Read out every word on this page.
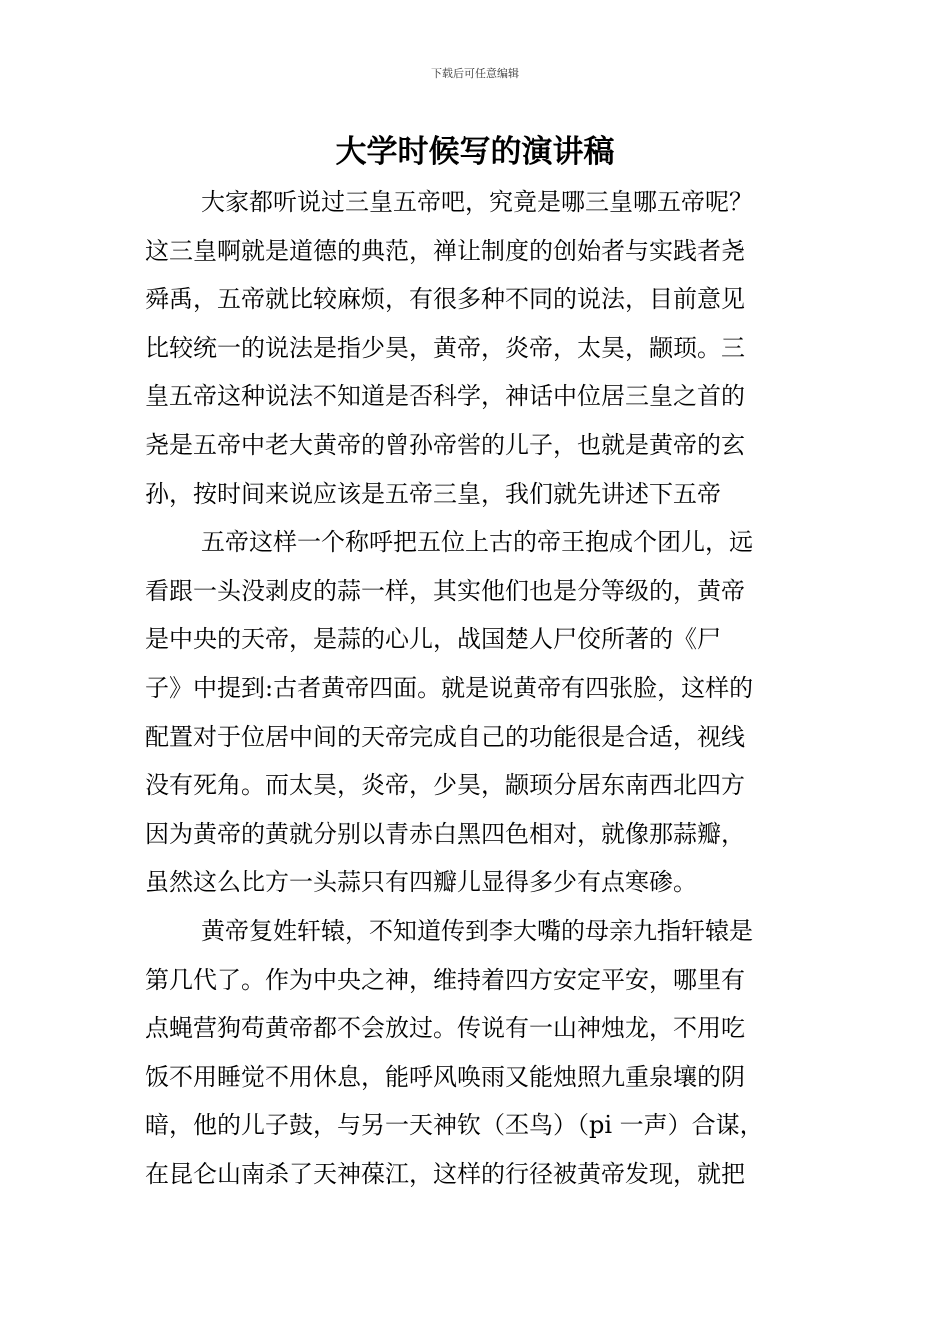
下载后可任意编辑
大学时候写的演讲稿

大家都听说过三皇五帝吧，究竟是哪三皇哪五帝呢？
这三皇啊就是道德的典范，禅让制度的创始者与实践者尧
舜禹，五帝就比较麻烦，有很多种不同的说法，目前意见
比较统一的说法是指少昊，黄帝，炎帝，太昊，颛顼。三
皇五帝这种说法不知道是否科学，神话中位居三皇之首的
尧是五帝中老大黄帝的曾孙帝喾的儿子，也就是黄帝的玄
孙，按时间来说应该是五帝三皇，我们就先讲述下五帝

五帝这样一个称呼把五位上古的帝王抱成个团儿，远
看跟一头没剥皮的蒜一样，其实他们也是分等级的，黄帝
是中央的天帝，是蒜的心儿，战国楚人尸佼所著的《尸
子》中提到:古者黄帝四面。就是说黄帝有四张脸，这样的
配置对于位居中间的天帝完成自己的功能很是合适，视线
没有死角。而太昊，炎帝，少昊，颛顼分居东南西北四方
因为黄帝的黄就分别以青赤白黑四色相对，就像那蒜瓣，
虽然这么比方一头蒜只有四瓣儿显得多少有点寒碜。

黄帝复姓轩辕，不知道传到李大嘴的母亲九指轩辕是
第几代了。作为中央之神，维持着四方安定平安，哪里有
点蝇营狗苟黄帝都不会放过。传说有一山神烛龙，不用吃
饭不用睡觉不用休息，能呼风唤雨又能烛照九重泉壤的阴
暗，他的儿子鼓，与另一天神钦（丕鸟）（pi 一声）合谋，
在昆仑山南杀了天神葆江，这样的行径被黄帝发现，就把
